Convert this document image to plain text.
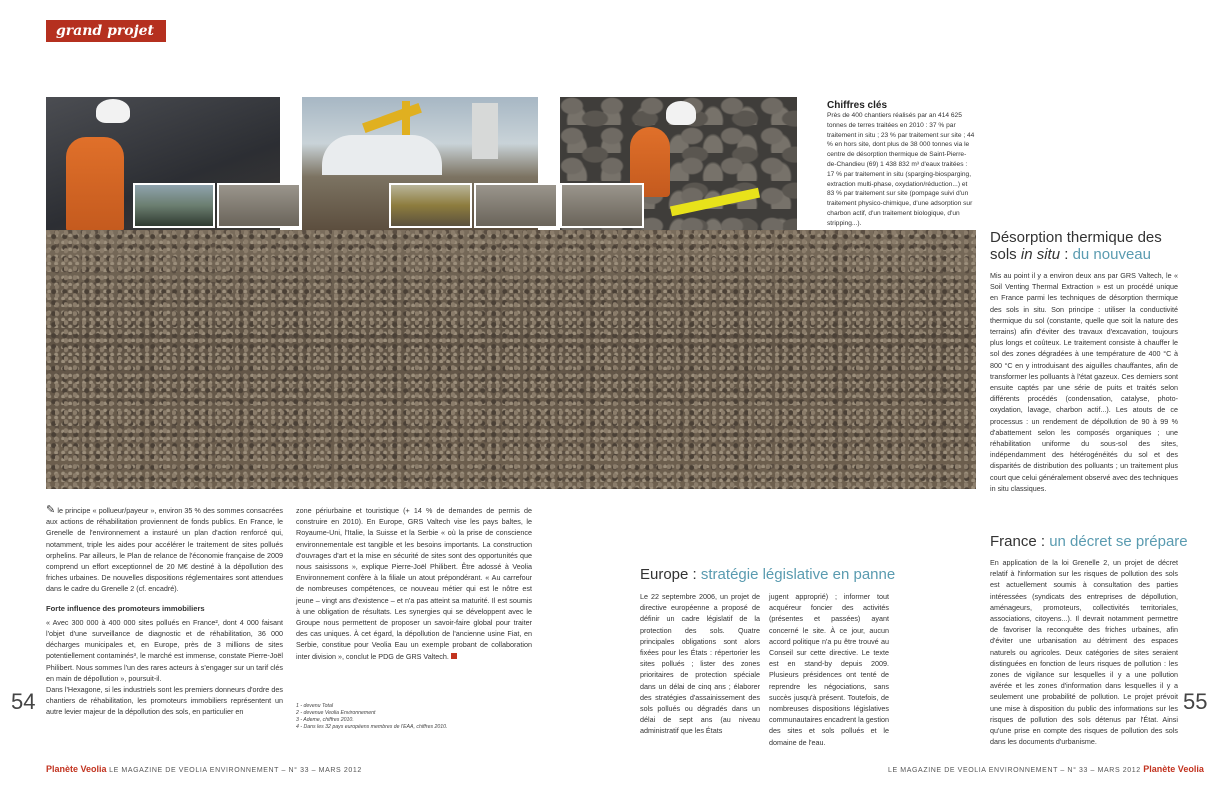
grand projet
Chiffres clés
Près de 400 chantiers réalisés par an 414 625 tonnes de terres traitées en 2010 : 37 % par traitement in situ ; 23 % par traitement sur site ; 44 % en hors site, dont plus de 38 000 tonnes via le centre de désorption thermique de Saint-Pierre-de-Chandieu (69) 1 438 832 m³ d'eaux traitées : 17 % par traitement in situ (sparging-biosparging, extraction multi-phase, oxydation/réduction...) et 83 % par traitement sur site (pompage suivi d'un traitement physico-chimique, d'une adsorption sur charbon actif, d'un traitement biologique, d'un stripping...).
Désorption thermique des sols in situ : du nouveau
Mis au point il y a environ deux ans par GRS Valtech, le « Soil Venting Thermal Extraction » est un procédé unique en France parmi les techniques de désorption thermique des sols in situ. Son principe : utiliser la conductivité thermique du sol (constante, quelle que soit la nature des terrains) afin d'éviter des travaux d'excavation, toujours plus longs et coûteux. Le traitement consiste à chauffer le sol des zones dégradées à une température de 400 °C à 800 °C en y introduisant des aiguilles chauffantes, afin de transformer les polluants à l'état gazeux. Ces derniers sont ensuite captés par une série de puits et traités selon différents procédés (condensation, catalyse, photo-oxydation, lavage, charbon actif...). Les atouts de ce processus : un rendement de dépollution de 90 à 99 % d'abattement selon les composés organiques ; une réhabilitation uniforme du sous-sol des sites, indépendamment des hétérogénéités du sol et des disparités de distribution des polluants ; un traitement plus court que celui généralement observé avec des techniques in situ classiques.

✎ le principe « pollueur/payeur », environ 35 % des sommes consacrées aux actions de réhabilitation proviennent de fonds publics. En France, le Grenelle de l'environnement a instauré un plan d'action renforcé qui, notamment, triple les aides pour accélérer le traitement de sites pollués orphelins. Par ailleurs, le Plan de relance de l'économie française de 2009 comprend un effort exceptionnel de 20 M€ destiné à la dépollution des friches urbaines. De nouvelles dispositions réglementaires sont attendues dans le cadre du Grenelle 2 (cf. encadré).

Forte influence des promoteurs immobiliers

« Avec 300 000 à 400 000 sites pollués en France², dont 4 000 faisant l'objet d'une surveillance de diagnostic et de réhabilitation, 36 000 décharges municipales et, en Europe, près de 3 millions de sites potentiellement contaminés³, le marché est immense, constate Pierre-Joël Philibert. Nous sommes l'un des rares acteurs à s'engager sur un tarif clés en main de dépollution », poursuit-il.

Dans l'Hexagone, si les industriels sont les premiers donneurs d'ordre des chantiers de réhabilitation, les promoteurs immobiliers représentent un autre levier majeur de la dépollution des sols, en particulier en

zone périurbaine et touristique (+ 14 % de demandes de permis de construire en 2010). En Europe, GRS Valtech vise les pays baltes, le Royaume-Uni, l'Italie, la Suisse et la Serbie « où la prise de conscience environnementale est tangible et les besoins importants. La construction d'ouvrages d'art et la mise en sécurité de sites sont des opportunités que nous saisissons », explique Pierre-Joël Philibert. Être adossé à Veolia Environnement confère à la filiale un atout prépondérant. « Au carrefour de nombreuses compétences, ce nouveau métier qui est le nôtre est jeune – vingt ans d'existence – et n'a pas atteint sa maturité. Il est soumis à une obligation de résultats. Les synergies qui se développent avec le Groupe nous permettent de proposer un savoir-faire global pour traiter des cas uniques. À cet égard, la dépollution de l'ancienne usine Fiat, en Serbie, constitue pour Veolia Eau un exemple probant de collaboration inter division », conclut le PDG de GRS Valtech.

1 - devenu Total
2 - devenue Veolia Environnement
3 - Ademe, chiffres 2010.
4 - Dans les 32 pays européens membres de l'EAA, chiffres 2010.
Europe : stratégie législative en panne
Le 22 septembre 2006, un projet de directive européenne a proposé de définir un cadre législatif de la protection des sols. Quatre principales obligations sont alors fixées pour les États : répertorier les sites pollués ; lister des zones prioritaires de protection spéciale dans un délai de cinq ans ; élaborer des stratégies d'assainissement des sols pollués ou dégradés dans un délai de sept ans (au niveau administratif que les États
jugent approprié) ; informer tout acquéreur foncier des activités (présentes et passées) ayant concerné le site. À ce jour, aucun accord politique n'a pu être trouvé au Conseil sur cette directive. Le texte est en stand-by depuis 2009. Plusieurs présidences ont tenté de reprendre les négociations, sans succès jusqu'à présent. Toutefois, de nombreuses dispositions législatives communautaires encadrent la gestion des sites et sols pollués et le domaine de l'eau.
France : un décret se prépare
En application de la loi Grenelle 2, un projet de décret relatif à l'information sur les risques de pollution des sols est actuellement soumis à consultation des parties intéressées (syndicats des entreprises de dépollution, aménageurs, promoteurs, collectivités territoriales, associations, citoyens...). Il devrait notamment permettre de favoriser la reconquête des friches urbaines, afin d'éviter une urbanisation au détriment des espaces naturels ou agricoles. Deux catégories de sites seraient distinguées en fonction de leurs risques de pollution : les zones de vigilance sur lesquelles il y a une pollution avérée et les zones d'information dans lesquelles il y a seulement une probabilité de pollution. Le projet prévoit une mise à disposition du public des informations sur les risques de pollution des sols détenus par l'État. Ainsi qu'une prise en compte des risques de pollution des sols dans les documents d'urbanisme.
54	55
Planète Veolia LE MAGAZINE DE VEOLIA ENVIRONNEMENT – N° 33 – MARS 2012	LE MAGAZINE DE VEOLIA ENVIRONNEMENT – N° 33 – MARS 2012 Planète Veolia
